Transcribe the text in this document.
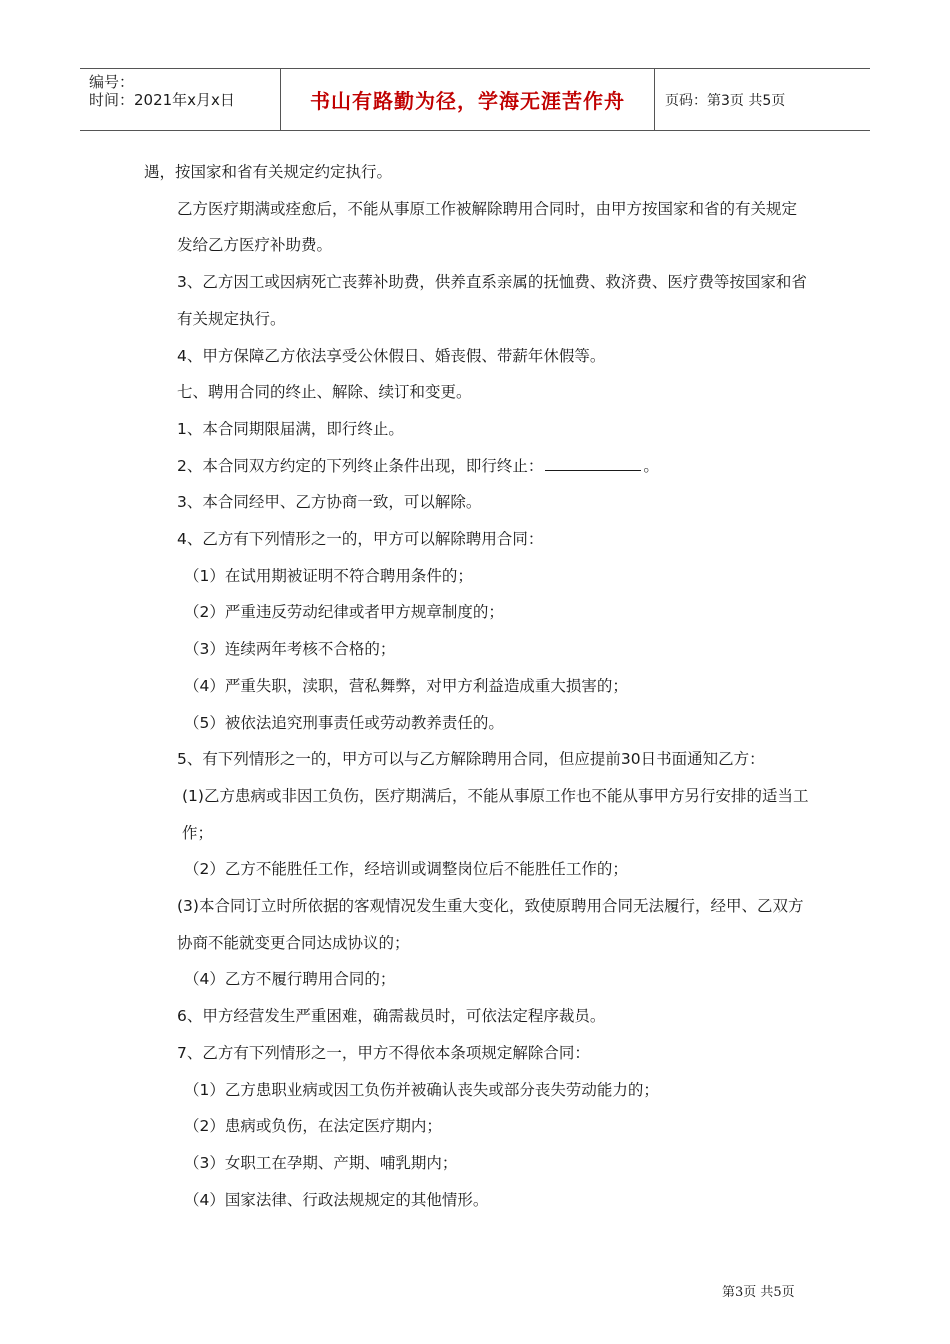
编号：
时间：2021年x月x日	书山有路勤为径，学海无涯苦作舟	页码：第3页 共5页

遇，按国家和省有关规定约定执行。

乙方医疗期满或痊愈后，不能从事原工作被解除聘用合同时，由甲方按国家和省的有关规定发给乙方医疗补助费。

3、乙方因工或因病死亡丧葬补助费，供养直系亲属的抚恤费、救济费、医疗费等按国家和省有关规定执行。

4、甲方保障乙方依法享受公休假日、婚丧假、带薪年休假等。

七、聘用合同的终止、解除、续订和变更。

1、本合同期限届满，即行终止。

2、本合同双方约定的下列终止条件出现，即行终止：	。

3、本合同经甲、乙方协商一致，可以解除。

4、乙方有下列情形之一的，甲方可以解除聘用合同：

（1）在试用期被证明不符合聘用条件的；

（2）严重违反劳动纪律或者甲方规章制度的；

（3）连续两年考核不合格的；

（4）严重失职，渎职，营私舞弊，对甲方利益造成重大损害的；

（5）被依法追究刑事责任或劳动教养责任的。

5、有下列情形之一的，甲方可以与乙方解除聘用合同，但应提前30日书面通知乙方：

(1)乙方患病或非因工负伤，医疗期满后，不能从事原工作也不能从事甲方另行安排的适当工作；

（2）乙方不能胜任工作，经培训或调整岗位后不能胜任工作的；

(3)本合同订立时所依据的客观情况发生重大变化，致使原聘用合同无法履行，经甲、乙双方协商不能就变更合同达成协议的；

（4）乙方不履行聘用合同的；

6、甲方经营发生严重困难，确需裁员时，可依法定程序裁员。

7、乙方有下列情形之一，甲方不得依本条项规定解除合同：

（1）乙方患职业病或因工负伤并被确认丧失或部分丧失劳动能力的；

（2）患病或负伤，在法定医疗期内；

（3）女职工在孕期、产期、哺乳期内；

（4）国家法律、行政法规规定的其他情形。

第3页 共5页
